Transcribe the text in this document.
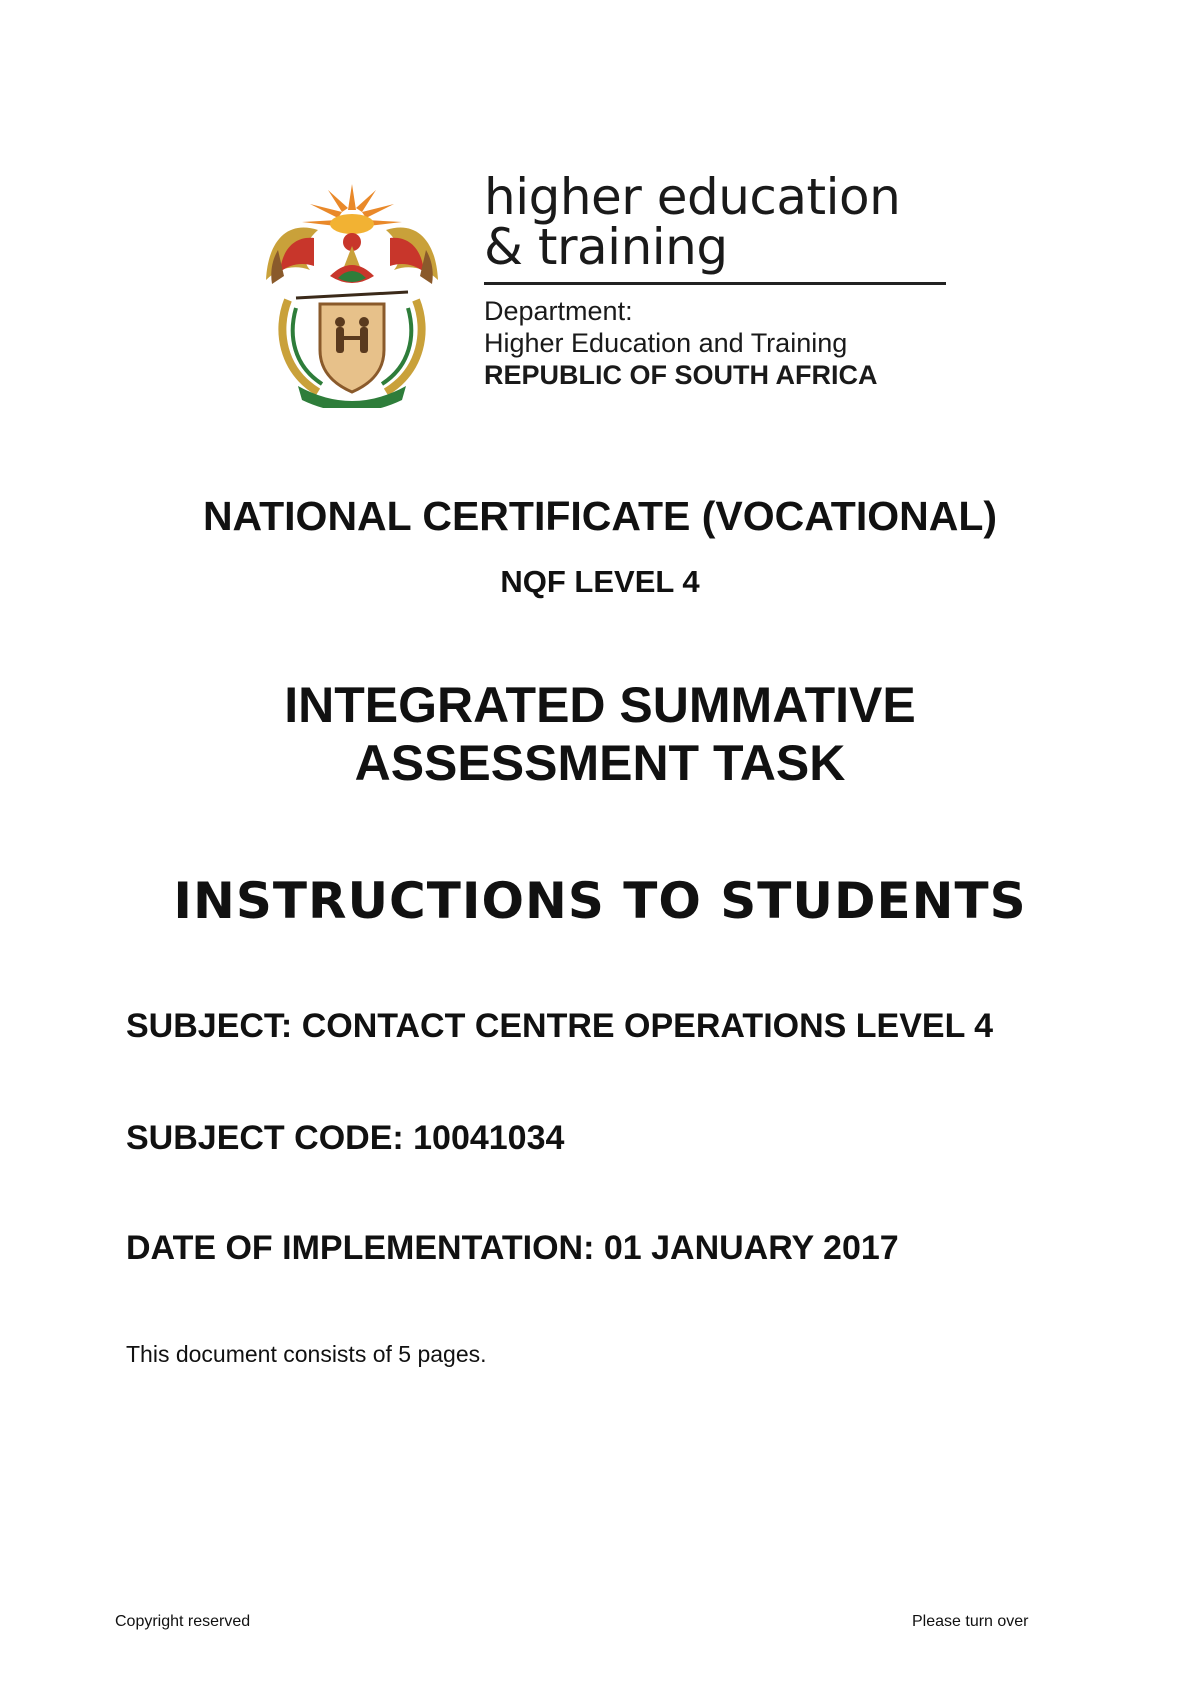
higher education
& training
Department:
Higher Education and Training
REPUBLIC OF SOUTH AFRICA
NATIONAL CERTIFICATE (VOCATIONAL)
NQF LEVEL 4
INTEGRATED SUMMATIVE
ASSESSMENT TASK
INSTRUCTIONS TO STUDENTS
SUBJECT: CONTACT CENTRE OPERATIONS LEVEL 4
SUBJECT CODE: 10041034
DATE OF IMPLEMENTATION: 01 JANUARY 2017
This document consists of 5 pages.
Copyright reserved	Please turn over
